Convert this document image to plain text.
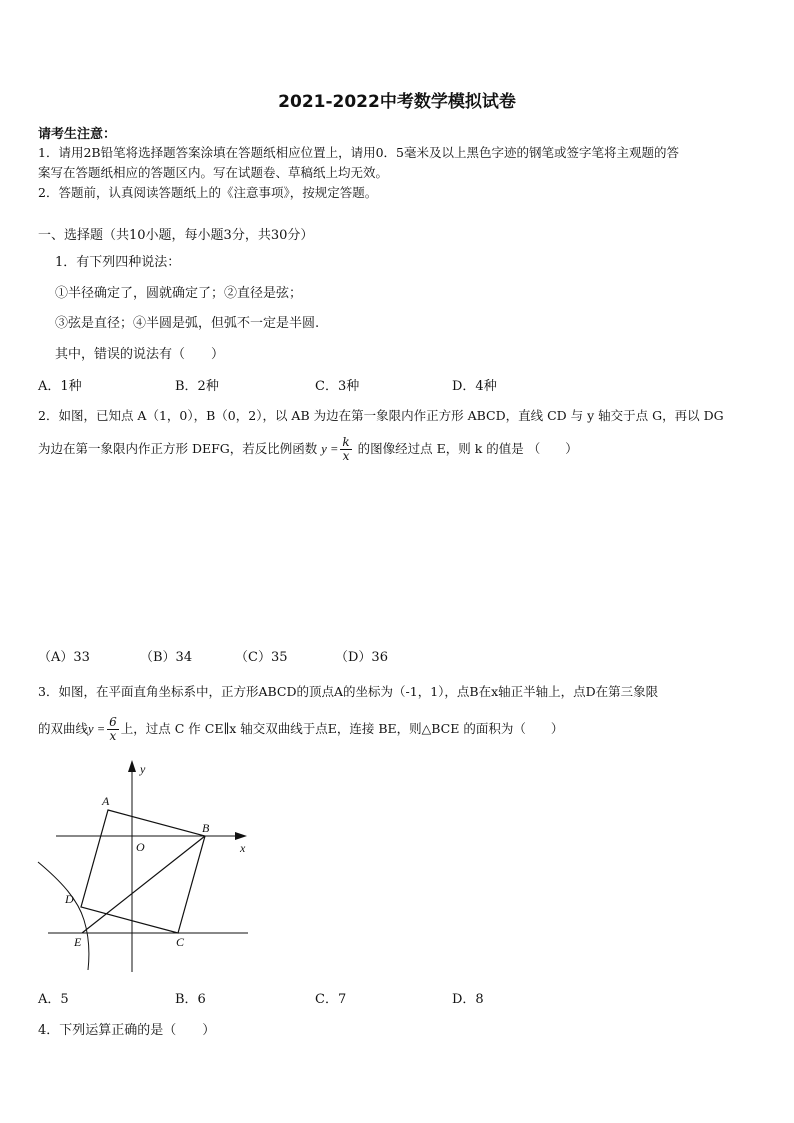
2021-2022中考数学模拟试卷
请考生注意：
1．请用2B铅笔将选择题答案涂填在答题纸相应位置上，请用0．5毫米及以上黑色字迹的钢笔或签字笔将主观题的答
案写在答题纸相应的答题区内。写在试题卷、草稿纸上均无效。
2．答题前，认真阅读答题纸上的《注意事项》，按规定答题。
一、选择题（共10小题，每小题3分，共30分）
1．有下列四种说法：
①半径确定了，圆就确定了；②直径是弦；
③弦是直径；④半圆是弧，但弧不一定是半圆.
其中，错误的说法有（　　）
A．1种	B．2种	C．3种	D．4种
2．如图，已知点 A（1，0），B（0，2），以 AB 为边在第一象限内作正方形 ABCD，直线 CD 与 y 轴交于点 G，再以 DG
为边在第一象限内作正方形 DEFG，若反比例函数 $y = \frac{k}{x}$ 的图像经过点 E，则 k 的值是 （　　）
（A）33	（B）34	（C）35	（D）36
3．如图，在平面直角坐标系中，正方形ABCD的顶点A的坐标为（-1，1），点B在x轴正半轴上，点D在第三象限
的双曲线$y = \frac{6}{x}$ 上，过点 C 作 CE∥x 轴交双曲线于点E，连接 BE，则△BCE 的面积为（　　）
y
x
A
B
O
D
E	C
A．5	B．6	C．7	D．8
4．下列运算正确的是（　　）
